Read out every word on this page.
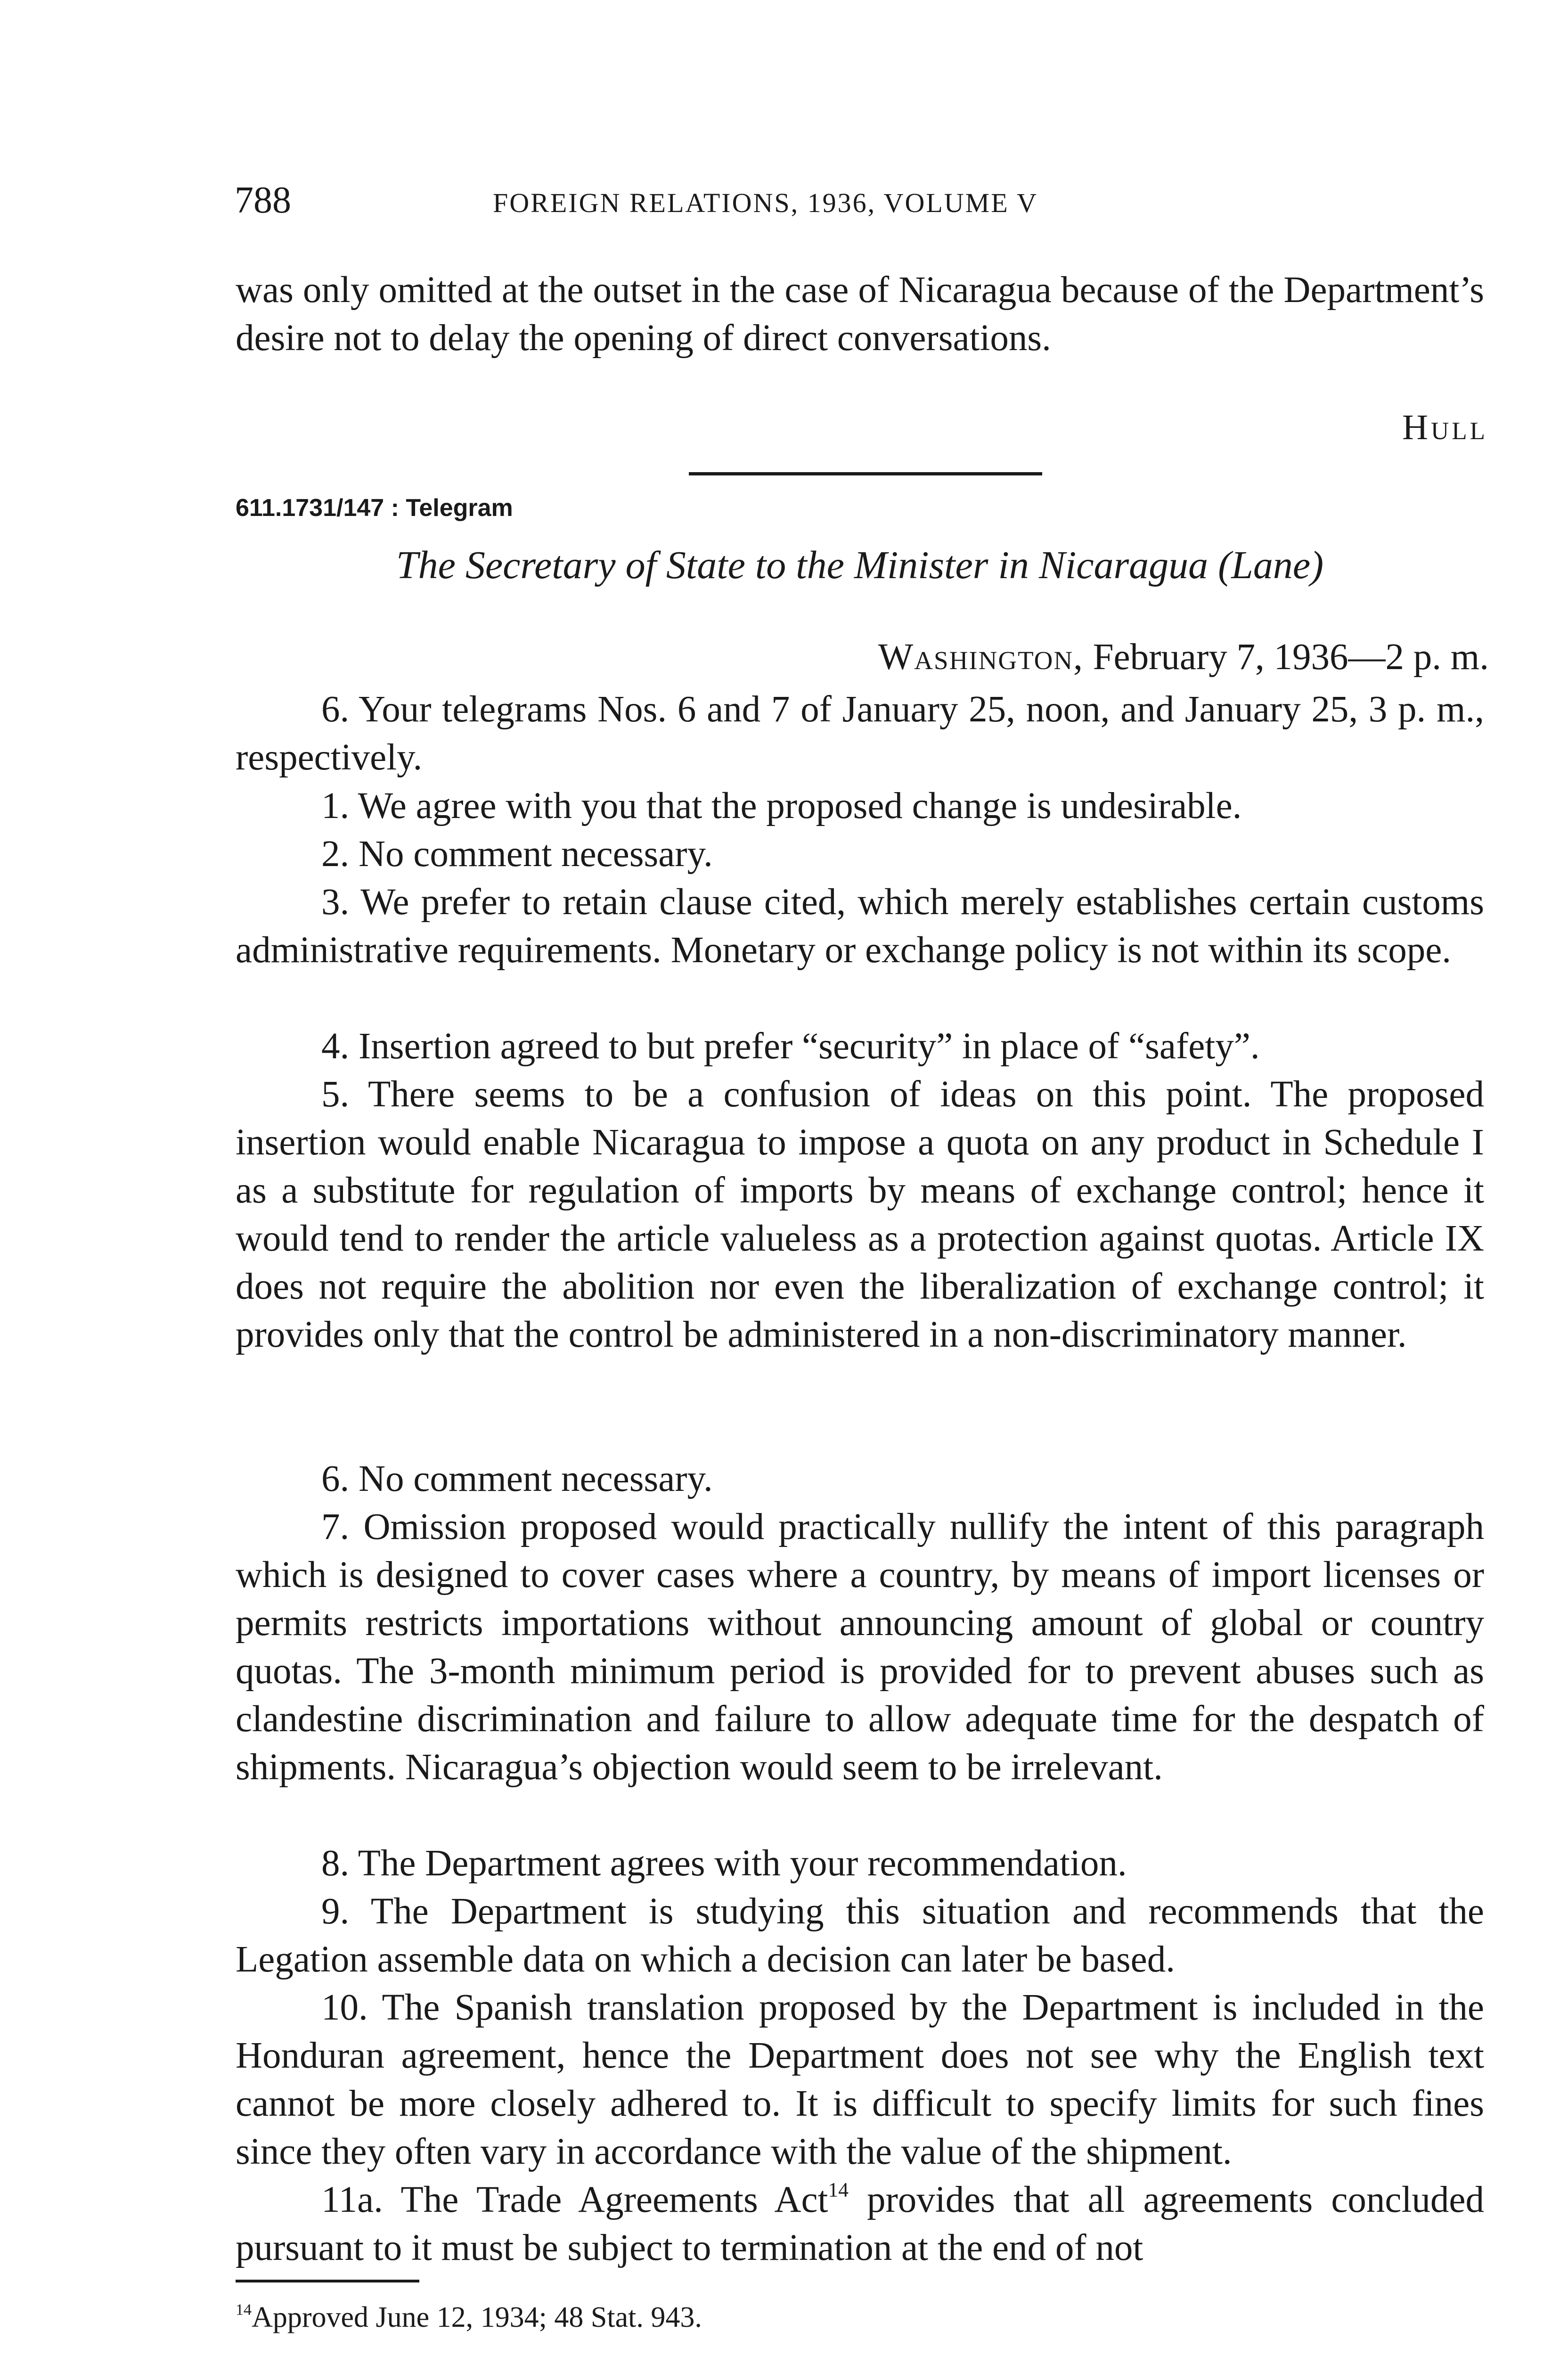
788	FOREIGN RELATIONS, 1936, VOLUME V

was only omitted at the outset in the case of Nicaragua because of the Department’s desire not to delay the opening of direct conversations.

Hull
611.1731/147 : Telegram
The Secretary of State to the Minister in Nicaragua (Lane)
Washington, February 7, 1936—2 p. m.

6. Your telegrams Nos. 6 and 7 of January 25, noon, and January 25, 3 p. m., respectively.

1. We agree with you that the proposed change is undesirable.

2. No comment necessary.

3. We prefer to retain clause cited, which merely establishes certain customs administrative requirements. Monetary or exchange policy is not within its scope.

4. Insertion agreed to but prefer “security” in place of “safety”.

5. There seems to be a confusion of ideas on this point. The proposed insertion would enable Nicaragua to impose a quota on any product in Schedule I as a substitute for regulation of imports by means of exchange control; hence it would tend to render the article valueless as a protection against quotas. Article IX does not require the abolition nor even the liberalization of exchange control; it provides only that the control be administered in a non-discriminatory manner.

6. No comment necessary.

7. Omission proposed would practically nullify the intent of this paragraph which is designed to cover cases where a country, by means of import licenses or permits restricts importations without announcing amount of global or country quotas. The 3-month minimum period is provided for to prevent abuses such as clandestine discrimination and failure to allow adequate time for the despatch of shipments. Nicaragua’s objection would seem to be irrelevant.

8. The Department agrees with your recommendation.

9. The Department is studying this situation and recommends that the Legation assemble data on which a decision can later be based.

10. The Spanish translation proposed by the Department is included in the Honduran agreement, hence the Department does not see why the English text cannot be more closely adhered to. It is difficult to specify limits for such fines since they often vary in accordance with the value of the shipment.

11a. The Trade Agreements Act$^{14}$ provides that all agreements concluded pursuant to it must be subject to termination at the end of not

$^{14}$Approved June 12, 1934; 48 Stat. 943.
